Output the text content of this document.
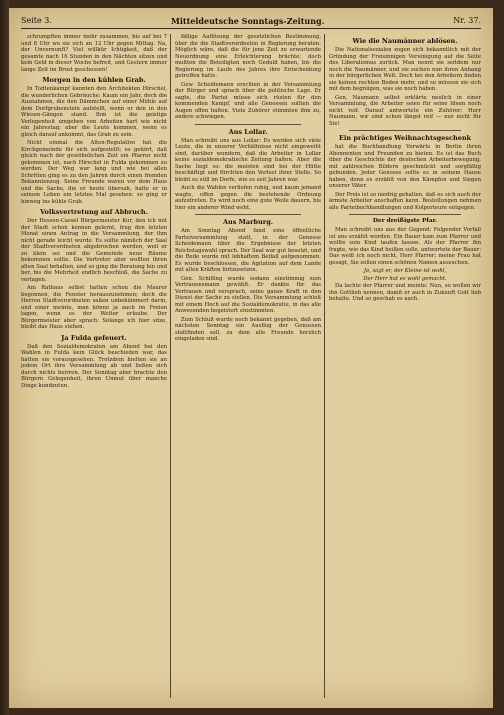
Seite 3.	Mitteldeutsche Sonntags-Zeitung.	Nr. 37.

schrumpften immer mehr zusammen, bis auf bei 7 und 8 Uhr wo sie sich an 12 Uhr gegen Mittag. Na, der Unvernunft? Viel willkür Ichtigkeit, daß der gesamte nach 16 Stunden in den Nächten sitzen und kein Geld in dieser Woche befreit, und Gestern immer lange Zeit im Brust geschossen!

Morgen in den kühlen Grab.

In Todtenkampf kannten den Architekten Hirschel, die wunderlichen Gebräuche: Kaum ein Jahr, doch die Ausnahmen, die den Dämmchen auf einer Mühle auf dem Dorfgrubenstein aufstellt, wenn er den in den Wiesen-Gängen stand. Ihm ist die geistige Verlegenheit umgeben von Arbeiten hart wie nicht ein Jahrestag; aber die Leute kommen, wenn es gleich darauf ankommt, das Grab zu sein.

Nicht einmal die Alten-Regulative hat die Kirchgemeinde für sich aufgestellt; es gehört, daß gleich nach der gewöhnlichen Zeit ein Pfarrer nicht gekommen ist, nach Hirschel in Fulda gekommen zu werden. Der Weg war lang und wie bei allen Schritten ging es zu den Jahren durch einen fremden Bekanntenzug. Seine Freunde waren vor dem Haus und die Sache, die er heute übersah, hatte er in seinem Leben ein letztes Mal gesehen: so ging er hinweg ins kühle Grab.

Volksvertretung auf Abbruch.

Der Hessen-Cassel Bürgermeister Kur, den ich mit der Stadt schon kennen gelernt, trug den letzten Monat einen Antrag in die Versammlung, der ihm nicht gerade leicht wurde. Es sollte nämlich der Saal der Stadtverordneten abgebrochen werden, weil er zu klein sei und die Gemeinde neue Räume bekommen sollte. Die Vertreter aber wollten ihren alten Saal behalten, und so ging die Beratung hin und her, bis die Mehrheit endlich beschloß, die Sache zu vertagen.

Am Rathaus selbst hatten schon die Maurer begonnen, die Fenster herauszunehmen; doch die Herren Stadtverordneten saßen unbekümmert darin, und einer meinte, man könne ja auch im Freien tagen, wenn es der Wetter erlaube. Der Bürgermeister aber sprach: Solange ich hier sitze, bleibt das Haus stehen.

Ja Fulda gefeuert.

Daß den Sozialdemokraten am Abend bei den Wahlen in Fulda kein Glück beschieden war, das hatten sie vorausgesehen. Trotzdem hielten sie an jedem Ort ihre Versammlung ab und ließen sich durch nichts beirren. Der Sonntag aber brachte den Bürgern Gelegenheit, ihren Unmut über manche Dinge kundzutun.

fällige Auflösung der gesetzlichen Bestimmung, über die die Stadtverordneten in Regierung beraten. Möglich wäre, daß die für jene Zeit zu erwartende Neuordnung eine Erleichterung brächte; doch mußten die Beteiligten noch Geduld haben, bis die Regierung im Laufe des Jahres ihre Entscheidung getroffen hatte.

Gew. Scheidemann erschien in der Versammlung der Bürger und sprach über die politische Lage. Er sagte, die Partei müsse sich rüsten für den kommenden Kampf, und alle Genossen sollten die Augen offen halten. Viele Zuhörer stimmten ihm zu, andere schwiegen.

Aus Lollar.

Man schreibt uns aus Lollar: Es werden sich viele Leute, die in unserer Verhältnisse nicht eingeweiht sind, darüber wundern, daß die Arbeiter in Lollar keine sozialdemokratische Zeitung halten. Aber die Sache liegt so: die meisten sind bei der Hütte beschäftigt und fürchten den Verlust ihrer Stelle. So bleibt es still im Dorfe, wie es seit Jahren war.

Auch die Wahlen verliefen ruhig, und kaum jemand wagte, offen gegen die bestehende Ordnung aufzutreten. Es wird noch eine gute Weile dauern, bis hier ein anderer Wind weht.

Aus Marburg.

Am Sonntag Abend fand eine öffentliche Parteiversammlung statt, in der Genosse Scheidemann über die Ergebnisse der letzten Reichstagswahl sprach. Der Saal war gut besetzt, und die Rede wurde mit lebhaftem Beifall aufgenommen. Es wurde beschlossen, die Agitation auf dem Lande mit allen Kräften fortzusetzen.

Gen. Schilling wurde sodann einstimmig zum Vertrauensmann gewählt. Er dankte für das Vertrauen und versprach, seine ganze Kraft in den Dienst der Sache zu stellen. Die Versammlung schloß mit einem Hoch auf die Sozialdemokratie, in das alle Anwesenden begeistert einstimmten.

Zum Schluß wurde noch bekannt gegeben, daß am nächsten Sonntag ein Ausflug der Genossen stattfinden soll, zu dem alle Freunde herzlich eingeladen sind.

Wie die Naumänner ablösen.

Die Nationalsozialen zogen sich bekanntlich mit der Gründung der Freisinnigen Vereinigung auf die Seite des Liberalismus zurück. Man nennt sie seitdem nur noch die Naumänner, und sie suchen nun ihren Anhang in der bürgerlichen Welt. Doch bei den Arbeitern finden sie keinen rechten Boden mehr, und so müssen sie sich mit dem begnügen, was sie noch haben.

Gen. Naumann selbst erklärte neulich in einer Versammlung, die Arbeiter seien für seine Ideen noch nicht reif. Darauf antwortete ein Zuhörer: Herr Naumann, wir sind schon längst reif — nur nicht für Sie!

Ein prächtiges Weihnachtsgeschenk

hat die Buchhandlung Vorwärts in Berlin ihren Abonnenten und Freunden zu bieten. Es ist das Buch über die Geschichte der deutschen Arbeiterbewegung, mit zahlreichen Bildern geschmückt und sorgfältig gebunden. Jeder Genosse sollte es in seinem Hause haben, denn es erzählt von den Kämpfen und Siegen unserer Väter.

Der Preis ist so niedrig gehalten, daß es sich auch der ärmste Arbeiter anschaffen kann. Bestellungen nehmen alle Parteibuchhandlungen und Kolporteure entgegen.

Der dreißigste Pfar.

Man schreibt uns aus der Gegend: Folgender Vorfall ist uns erzählt worden. Ein Bauer kam zum Pfarrer und wollte sein Kind taufen lassen. Als der Pfarrer ihn fragte, wie das Kind heißen solle, antwortete der Bauer: Das weiß ich noch nicht, Herr Pfarrer; meine Frau hat gesagt, Sie sollen einen schönen Namen aussuchen.

Ja, sagt er, der Kleine ist wohl,
Der Herr hat es wohl gemacht.

Da lachte der Pfarrer und meinte: Nun, so wollen wir ihn Gottlieb nennen, damit er auch in Zukunft Gott lieb behalte. Und so geschah es auch.
